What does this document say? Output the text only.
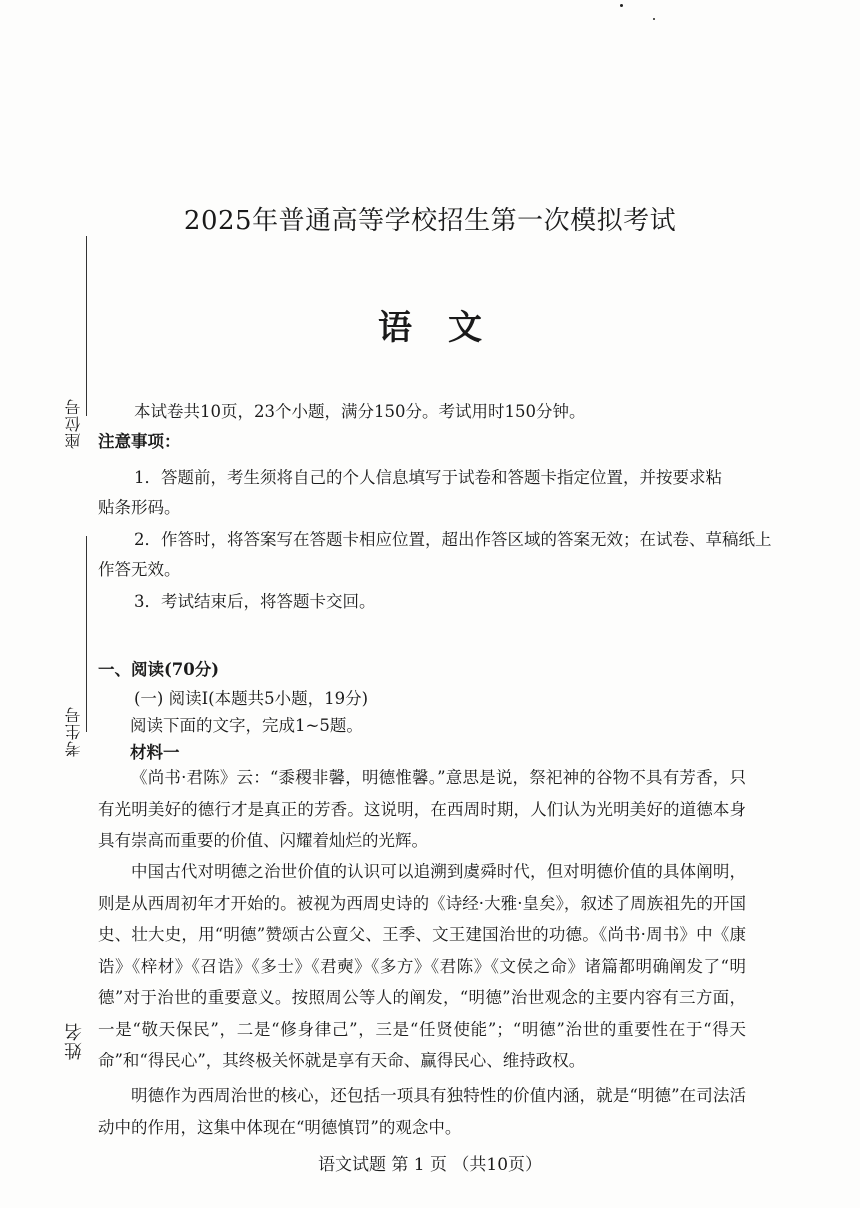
座位号
考生号
姓名
2025年普通高等学校招生第一次模拟考试
语文
本试卷共10页，23个小题，满分150分。考试用时150分钟。
注意事项：
1．答题前，考生须将自己的个人信息填写于试卷和答题卡指定位置，并按要求粘
贴条形码。
2．作答时，将答案写在答题卡相应位置，超出作答区域的答案无效；在试卷、草稿纸上
作答无效。
3．考试结束后，将答题卡交回。
一、阅读(70分)
(一) 阅读Ⅰ(本题共5小题，19分)
阅读下面的文字，完成1~5题。
材料一

《尚书·君陈》云：“黍稷非馨，明德惟馨。”意思是说，祭祀神的谷物不具有芳香，只有光明美好的德行才是真正的芳香。这说明，在西周时期，人们认为光明美好的道德本身具有崇高而重要的价值、闪耀着灿烂的光辉。

中国古代对明德之治世价值的认识可以追溯到虞舜时代，但对明德价值的具体阐明，则是从西周初年才开始的。被视为西周史诗的《诗经·大雅·皇矣》，叙述了周族祖先的开国史、壮大史，用“明德”赞颂古公亶父、王季、文王建国治世的功德。《尚书·周书》中《康诰》《梓材》《召诰》《多士》《君奭》《多方》《君陈》《文侯之命》诸篇都明确阐发了“明德”对于治世的重要意义。按照周公等人的阐发，“明德”治世观念的主要内容有三方面，一是“敬天保民”，二是“修身律己”，三是“任贤使能”；“明德”治世的重要性在于“得天命”和“得民心”，其终极关怀就是享有天命、赢得民心、维持政权。

明德作为西周治世的核心，还包括一项具有独特性的价值内涵，就是“明德”在司法活动中的作用，这集中体现在“明德慎罚”的观念中。

语文试题 第 1 页 （共10页）
